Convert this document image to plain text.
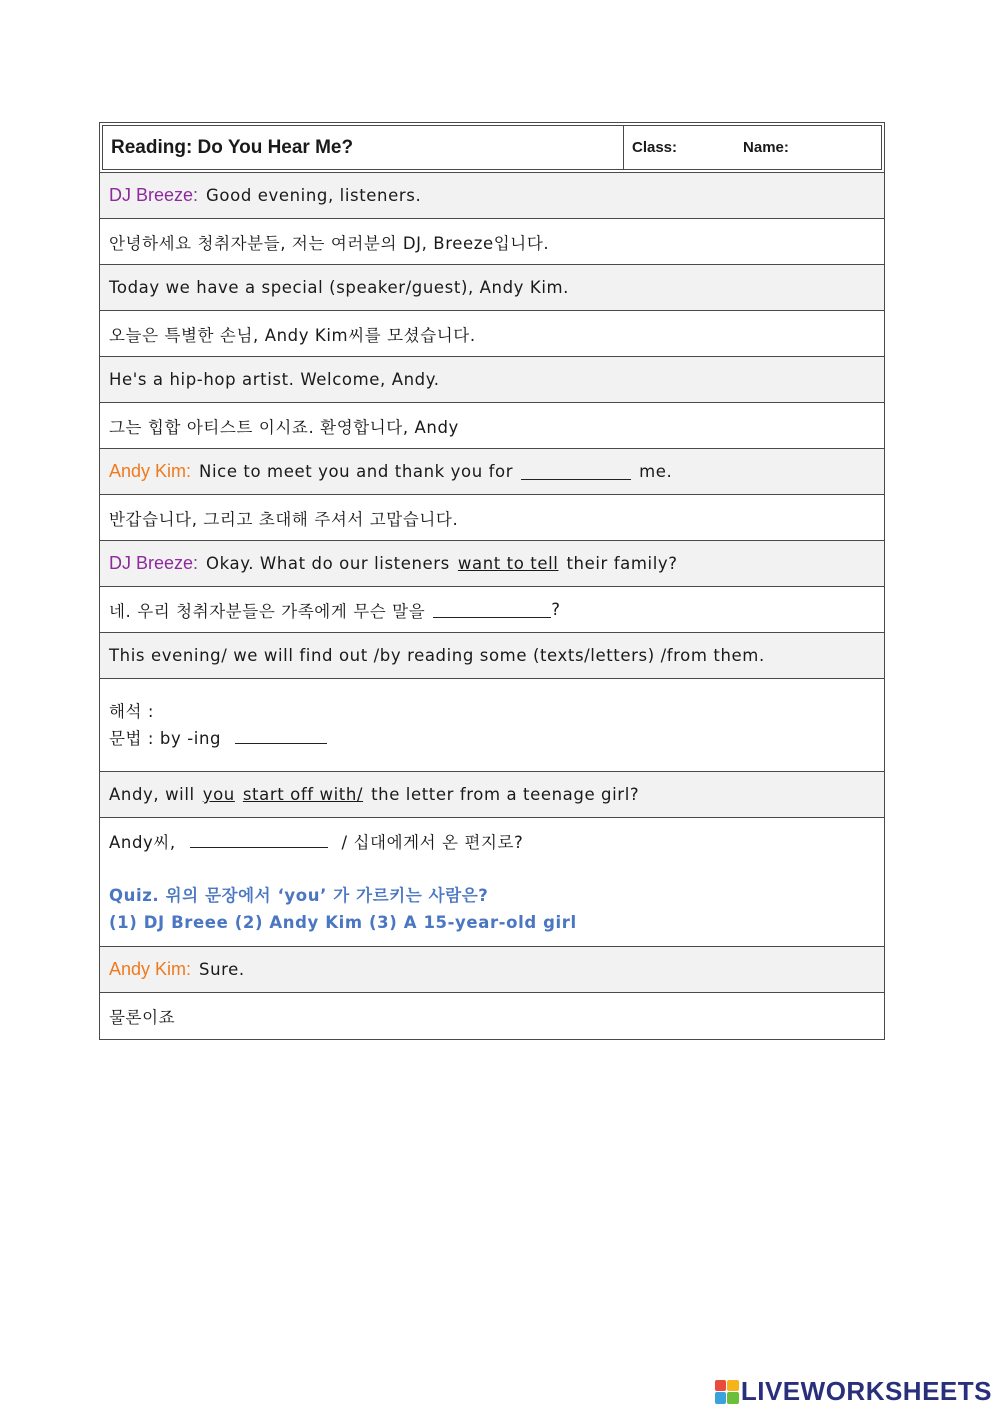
Reading: Do You Hear Me?	Class:	Name:
DJ Breeze: Good evening, listeners.
안녕하세요 청취자분들, 저는 여러분의 DJ, Breeze입니다.
Today we have a special (speaker/guest), Andy Kim.
오늘은 특별한 손님, Andy Kim씨를 모셨습니다.
He's a hip-hop artist. Welcome, Andy.
그는 힙합 아티스트 이시죠. 환영합니다, Andy
Andy Kim: Nice to meet you and thank you for	me.
반갑습니다, 그리고 초대해 주셔서 고맙습니다.
DJ Breeze: Okay. What do our listeners want to tell their family?
네. 우리 청취자분들은 가족에게 무슨 말을	?
This evening/ we will find out /by reading some (texts/letters) /from them.
해석 :
문법 : by -ing
Andy, will you start off with/ the letter from a teenage girl?
Andy씨,	/ 십대에게서 온 편지로?
Quiz. 위의 문장에서 ‘you’ 가 가르키는 사람은?
(1) DJ Breee (2) Andy Kim (3) A 15-year-old girl
Andy Kim: Sure.
물론이죠
LIVEWORKSHEETS
